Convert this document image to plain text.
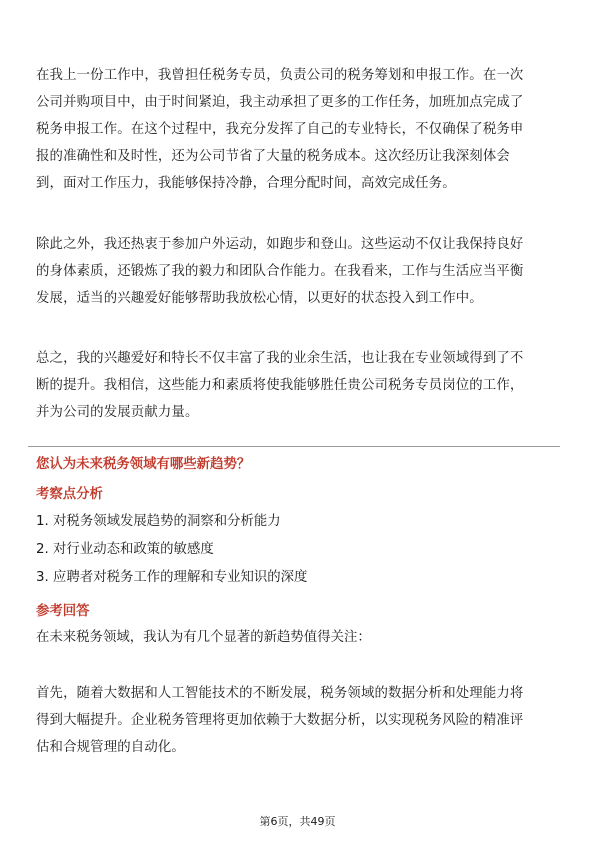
在我上一份工作中，我曾担任税务专员，负责公司的税务筹划和申报工作。在一次
公司并购项目中，由于时间紧迫，我主动承担了更多的工作任务，加班加点完成了
税务申报工作。在这个过程中，我充分发挥了自己的专业特长，不仅确保了税务申
报的准确性和及时性，还为公司节省了大量的税务成本。这次经历让我深刻体会
到，面对工作压力，我能够保持冷静，合理分配时间，高效完成任务。
除此之外，我还热衷于参加户外运动，如跑步和登山。这些运动不仅让我保持良好
的身体素质，还锻炼了我的毅力和团队合作能力。在我看来，工作与生活应当平衡
发展，适当的兴趣爱好能够帮助我放松心情，以更好的状态投入到工作中。
总之，我的兴趣爱好和特长不仅丰富了我的业余生活，也让我在专业领域得到了不
断的提升。我相信，这些能力和素质将使我能够胜任贵公司税务专员岗位的工作，
并为公司的发展贡献力量。

您认为未来税务领域有哪些新趋势？

考察点分析

1. 对税务领域发展趋势的洞察和分析能力

2. 对行业动态和政策的敏感度

3. 应聘者对税务工作的理解和专业知识的深度

参考回答

在未来税务领域，我认为有几个显著的新趋势值得关注：

首先，随着大数据和人工智能技术的不断发展，税务领域的数据分析和处理能力将
得到大幅提升。企业税务管理将更加依赖于大数据分析，以实现税务风险的精准评
估和合规管理的自动化。
第6页，共49页
